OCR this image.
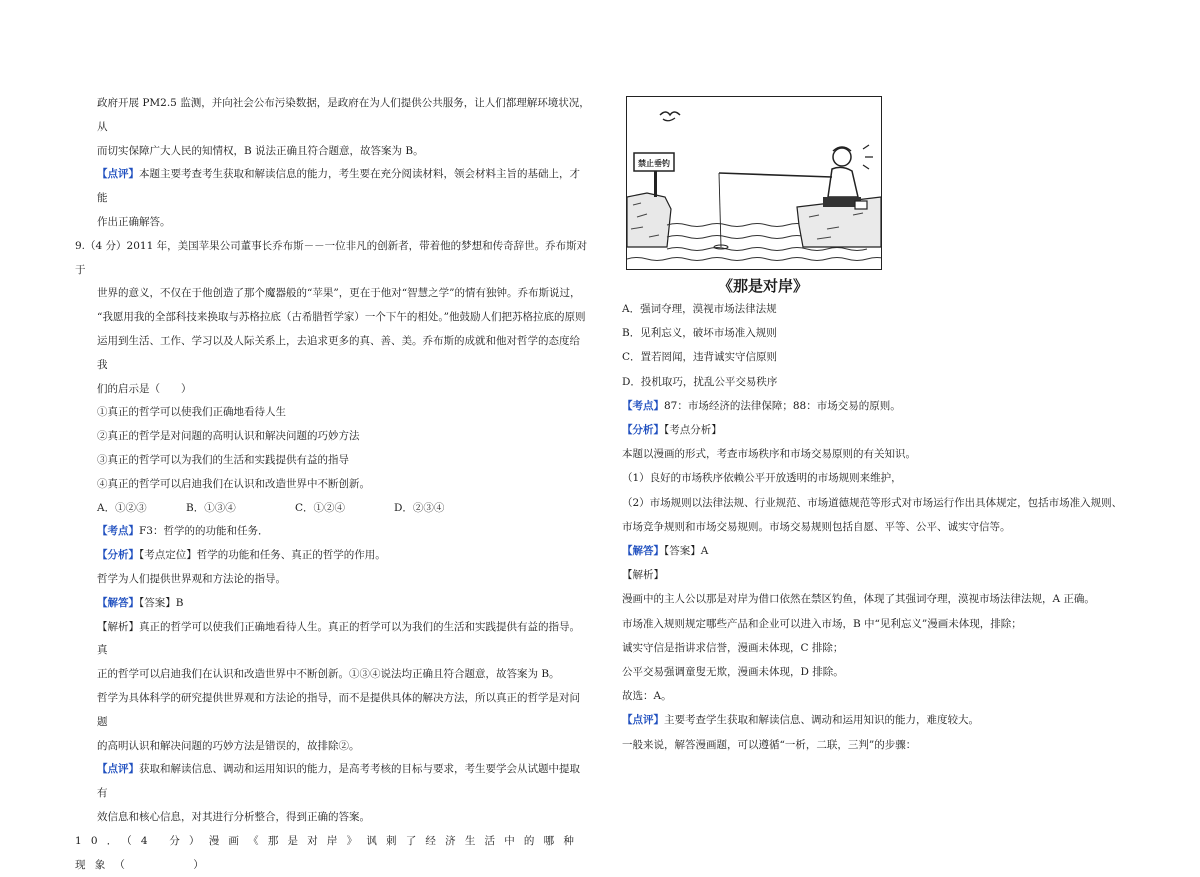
政府开展 PM2.5 监测，并向社会公布污染数据，是政府在为人们提供公共服务，让人们都理解环境状况，从

而切实保障广大人民的知情权，B 说法正确且符合题意，故答案为 B。

【点评】本题主要考查考生获取和解读信息的能力，考生要在充分阅读材料，领会材料主旨的基础上，才能

作出正确解答。

9.（4 分）2011 年，美国苹果公司董事长乔布斯－－一位非凡的创新者，带着他的梦想和传奇辞世。乔布斯对于

世界的意义，不仅在于他创造了那个魔器般的“苹果”，更在于他对“智慧之学”的情有独钟。乔布斯说过，

“我愿用我的全部科技来换取与苏格拉底（古希腊哲学家）一个下午的相处。”他鼓励人们把苏格拉底的原则

运用到生活、工作、学习以及人际关系上，去追求更多的真、善、美。乔布斯的成就和他对哲学的态度给我

们的启示是（　　）

①真正的哲学可以使我们正确地看待人生

②真正的哲学是对问题的高明认识和解决问题的巧妙方法

③真正的哲学可以为我们的生活和实践提供有益的指导

④真正的哲学可以启迪我们在认识和改造世界中不断创新。

A．①②③	B．①③④	C．①②④	D．②③④

【考点】F3：哲学的的功能和任务．

【分析】【考点定位】哲学的功能和任务、真正的哲学的作用。

哲学为人们提供世界观和方法论的指导。

【解答】【答案】B

【解析】真正的哲学可以使我们正确地看待人生。真正的哲学可以为我们的生活和实践提供有益的指导。真

正的哲学可以启迪我们在认识和改造世界中不断创新。①③④说法均正确且符合题意，故答案为 B。

哲学为具体科学的研究提供世界观和方法论的指导，而不是提供具体的解决方法，所以真正的哲学是对问题

的高明认识和解决问题的巧妙方法是错误的，故排除②。

【点评】获取和解读信息、调动和运用知识的能力，是高考考核的目标与要求，考生要学会从试题中提取有

效信息和核心信息，对其进行分析整合，得到正确的答案。

10．（4 分）漫画《那是对岸》讽刺了经济生活中的哪种现象（　　　）

禁止垂钓
《那是对岸》

A．强词夺理，漠视市场法律法规

B．见利忘义，破坏市场准入规则

C．置若罔闻，违背诚实守信原则

D．投机取巧，扰乱公平交易秩序

【考点】87：市场经济的法律保障；88：市场交易的原则。

【分析】【考点分析】

本题以漫画的形式，考查市场秩序和市场交易原则的有关知识。

（1）良好的市场秩序依赖公平开放透明的市场规则来维护，

（2）市场规则以法律法规、行业规范、市场道德规范等形式对市场运行作出具体规定，包括市场准入规则、

市场竞争规则和市场交易规则。市场交易规则包括自愿、平等、公平、诚实守信等。

【解答】【答案】A

【解析】

漫画中的主人公以那是对岸为借口依然在禁区钓鱼，体现了其强词夺理，漠视市场法律法规，A 正确。

市场准入规则规定哪些产品和企业可以进入市场，B 中“见利忘义”漫画未体现，排除；

诚实守信是指讲求信誉，漫画未体现，C 排除；

公平交易强调童叟无欺，漫画未体现，D 排除。

故选：A。

【点评】主要考查学生获取和解读信息、调动和运用知识的能力，难度较大。

一般来说，解答漫画题，可以遵循“一析，二联，三判”的步骤：
